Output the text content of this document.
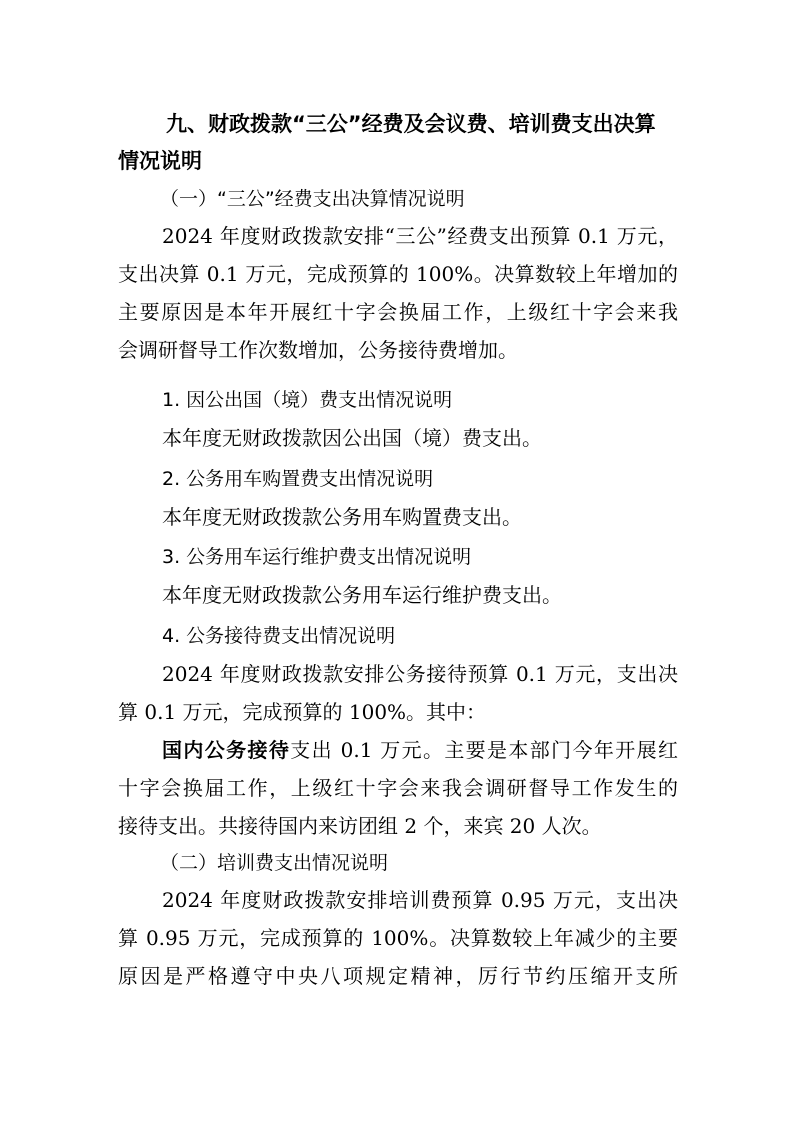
九、财政拨款“三公”经费及会议费、培训费支出决算
情况说明
（一）“三公”经费支出决算情况说明
2024 年度财政拨款安排“三公”经费支出预算 0.1 万元，
支出决算 0.1 万元，完成预算的 100%。决算数较上年增加的
主要原因是本年开展红十字会换届工作，上级红十字会来我
会调研督导工作次数增加，公务接待费增加。
1. 因公出国（境）费支出情况说明
本年度无财政拨款因公出国（境）费支出。
2. 公务用车购置费支出情况说明
本年度无财政拨款公务用车购置费支出。
3. 公务用车运行维护费支出情况说明
本年度无财政拨款公务用车运行维护费支出。
4. 公务接待费支出情况说明
2024 年度财政拨款安排公务接待预算 0.1 万元，支出决
算 0.1 万元，完成预算的 100%。其中：
国内公务接待支出 0.1 万元。主要是本部门今年开展红
十字会换届工作，上级红十字会来我会调研督导工作发生的
接待支出。共接待国内来访团组 2 个，来宾 20 人次。
（二）培训费支出情况说明
2024 年度财政拨款安排培训费预算 0.95 万元，支出决
算 0.95 万元，完成预算的 100%。决算数较上年减少的主要
原因是严格遵守中央八项规定精神，厉行节约压缩开支所
